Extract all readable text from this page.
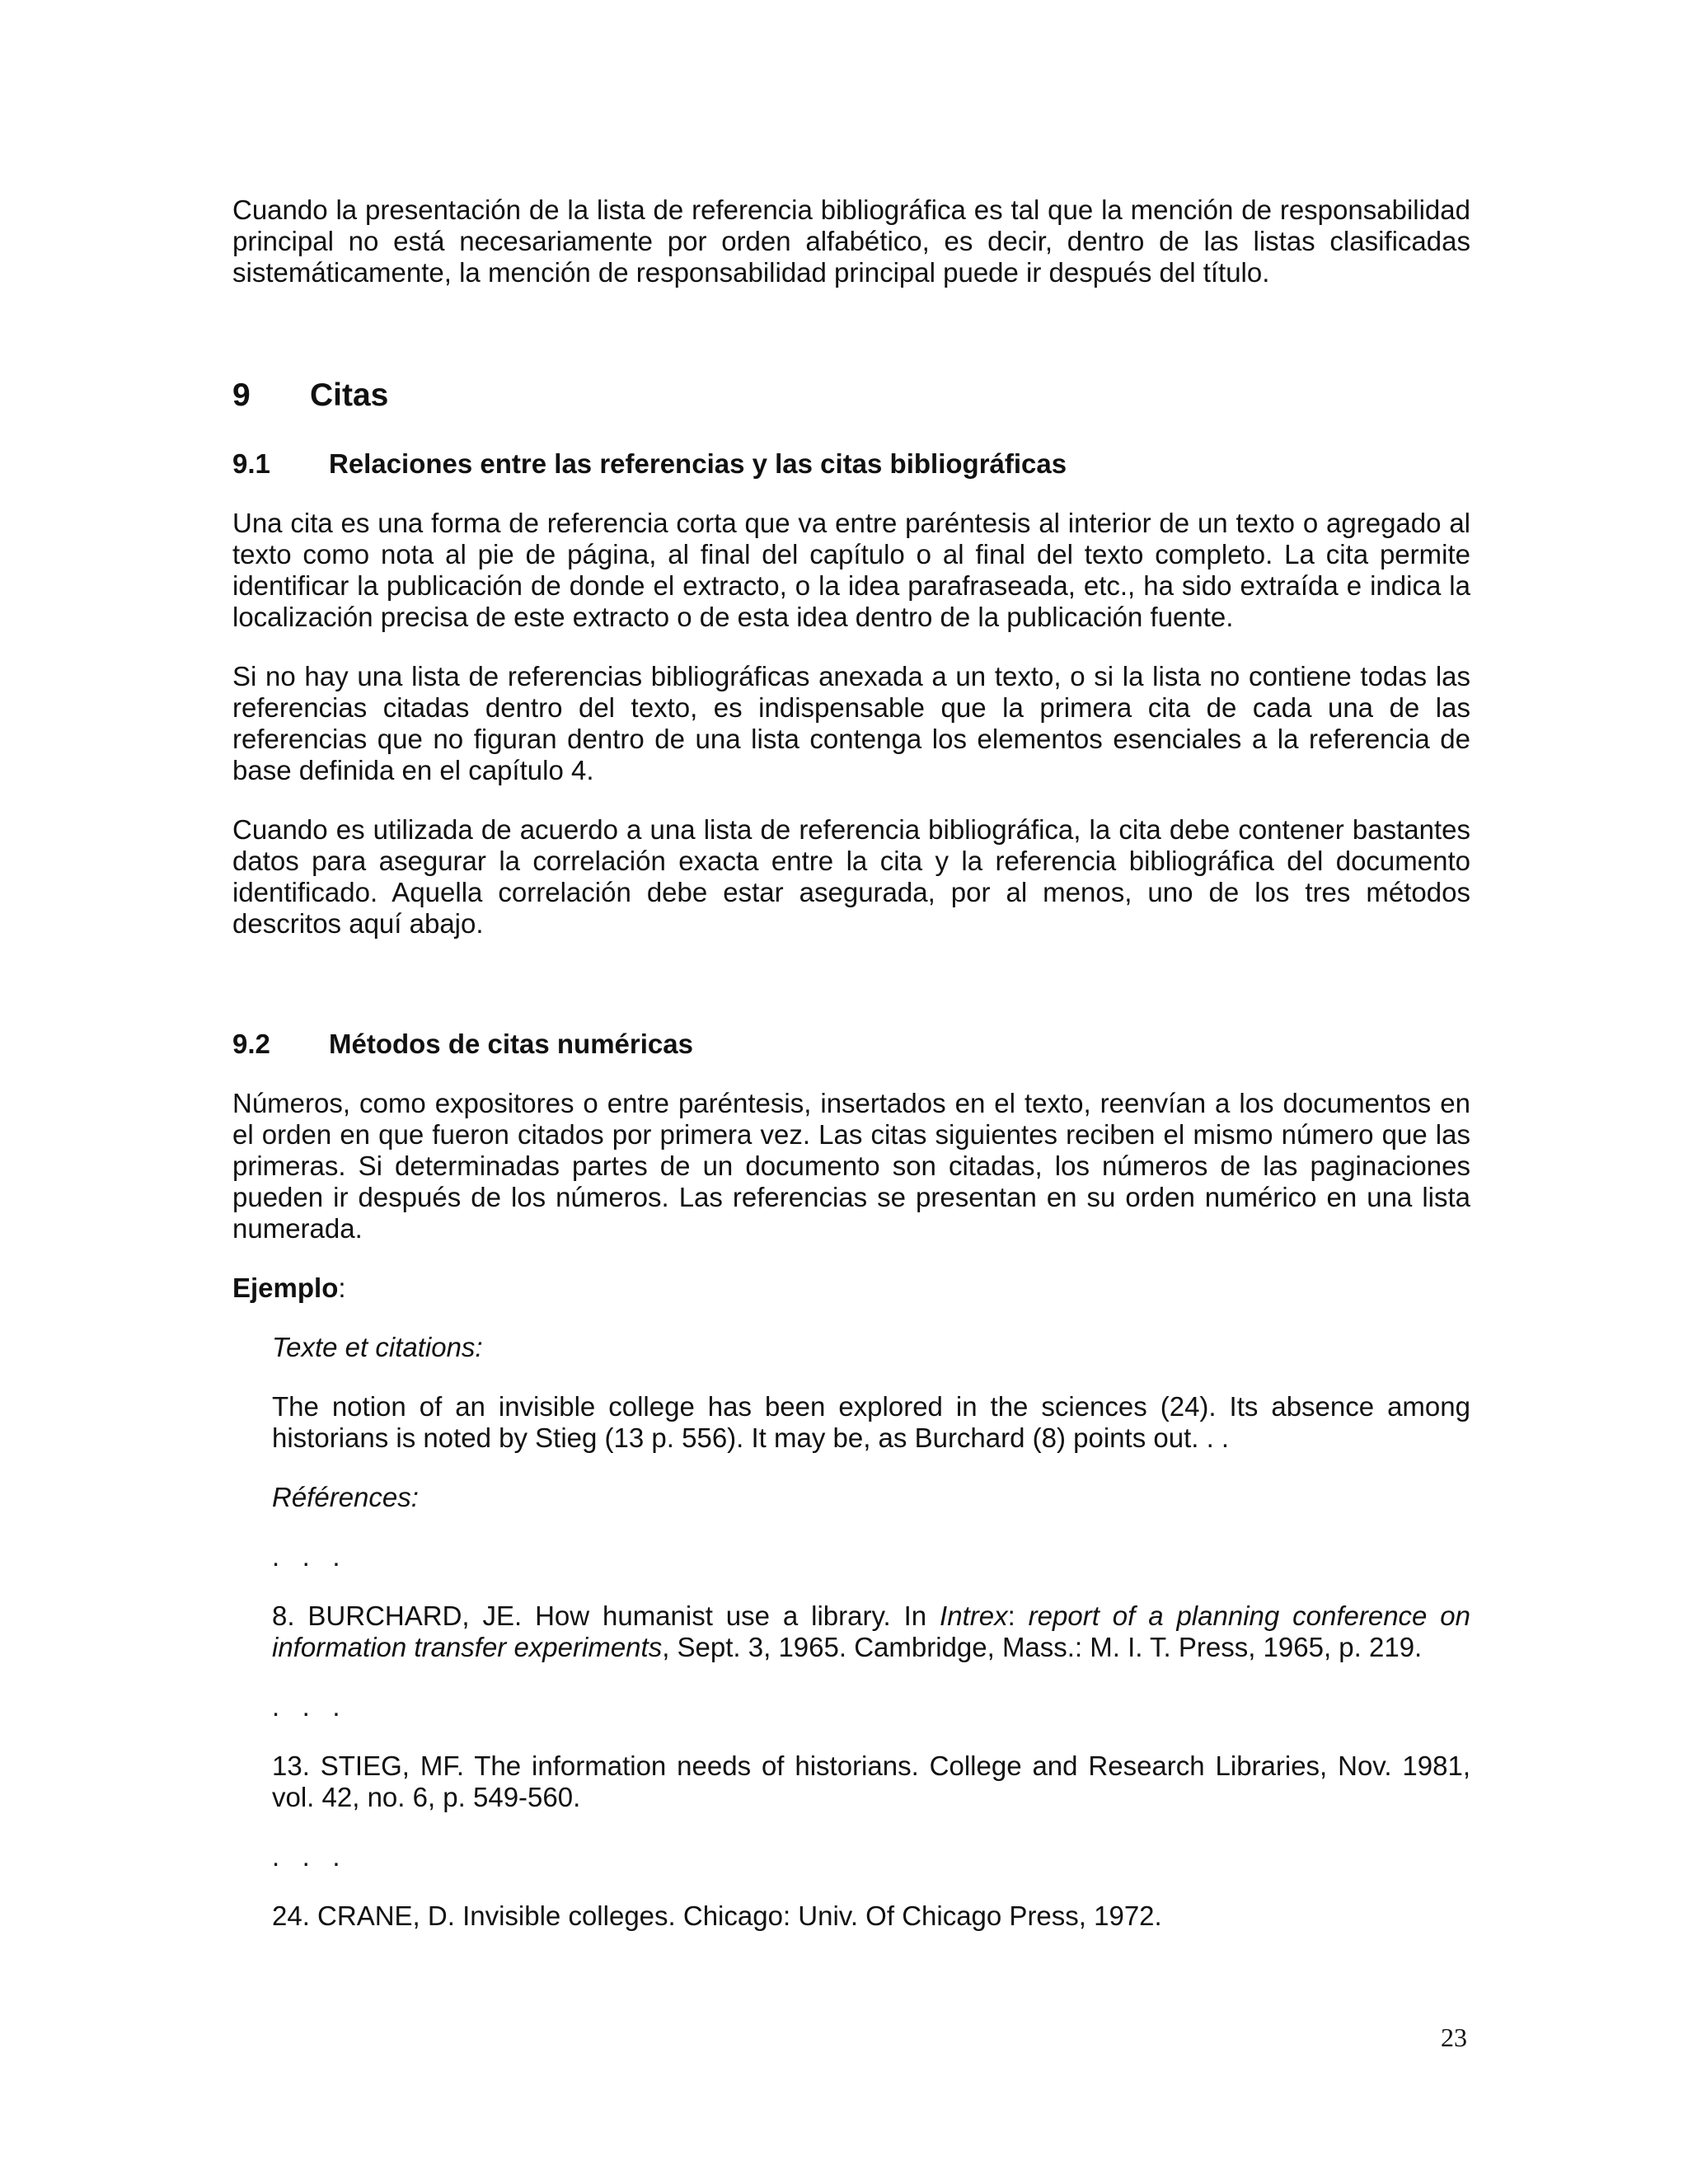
Cuando la presentación de la lista de referencia bibliográfica es tal que la mención de responsabilidad principal no está necesariamente por orden alfabético, es decir, dentro de las listas clasificadas sistemáticamente, la mención de responsabilidad principal puede ir después del título.

9	Citas
9.1	Relaciones entre las referencias y las citas bibliográficas

Una cita es una forma de referencia corta que va entre paréntesis al interior de un texto o agregado al texto como nota al pie de página, al final del capítulo o al final del texto completo. La cita permite identificar la publicación de donde el extracto, o la idea parafraseada, etc., ha sido extraída e indica la localización precisa de este extracto o de esta idea dentro de la publicación fuente.

Si no hay una lista de referencias bibliográficas anexada a un texto, o si la lista no contiene todas las referencias citadas dentro del texto, es indispensable que la primera cita de cada una de las referencias que no figuran dentro de una lista contenga los elementos esenciales a la referencia de base definida en el capítulo 4.

Cuando es utilizada de acuerdo a una lista de referencia bibliográfica, la cita debe contener bastantes datos para asegurar la correlación exacta entre la cita y la referencia bibliográfica del documento identificado. Aquella correlación debe estar asegurada, por al menos, uno de los tres métodos descritos aquí abajo.

9.2	Métodos de citas numéricas

Números, como expositores o entre paréntesis, insertados en el texto, reenvían a los documentos en el orden en que fueron citados por primera vez. Las citas siguientes reciben el mismo número que las primeras. Si determinadas partes de un documento son citadas, los números de las paginaciones pueden ir después de los números. Las referencias se presentan en su orden numérico en una lista numerada.

Ejemplo:

Texte et citations:

The notion of an invisible college has been explored in the sciences (24). Its absence among historians is noted by Stieg (13 p. 556). It may be, as Burchard (8) points out. . .

Références:

.   .   .

8. BURCHARD, JE. How humanist use a library. In Intrex: report of a planning conference on information transfer experiments, Sept. 3, 1965. Cambridge, Mass.: M. I. T. Press, 1965, p. 219.

.   .   .

13. STIEG, MF. The information needs of historians. College and Research Libraries, Nov. 1981, vol. 42, no. 6, p. 549-560.

.   .   .

24. CRANE, D. Invisible colleges. Chicago: Univ. Of Chicago Press, 1972.

23
